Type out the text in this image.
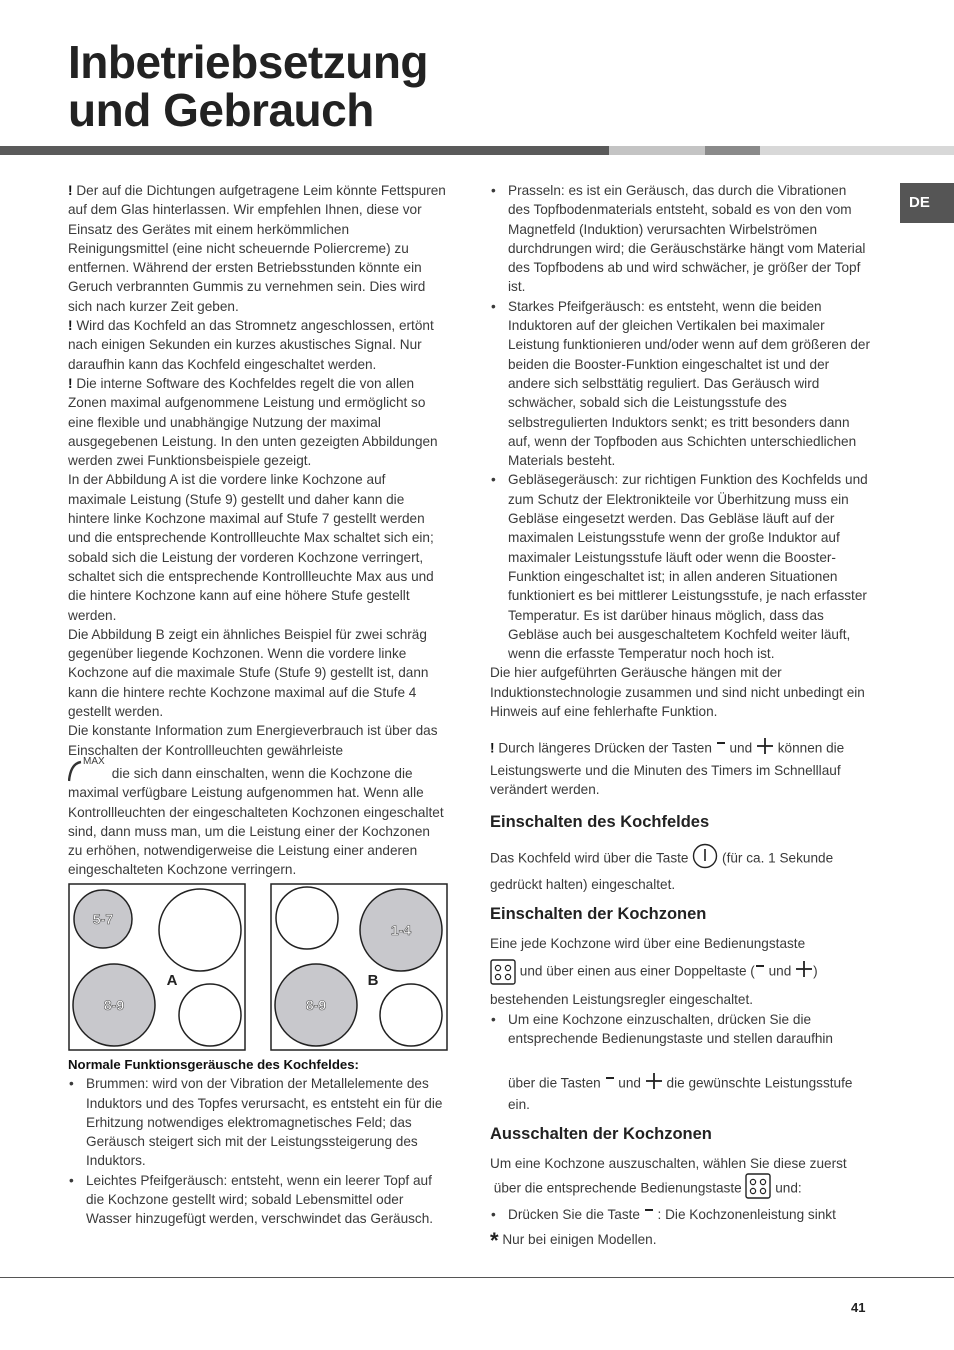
Inbetriebsetzung
und Gebrauch
DE

! Der auf die Dichtungen aufgetragene Leim könnte Fettspuren auf dem Glas hinterlassen. Wir empfehlen Ihnen, diese vor Einsatz des Gerätes mit einem herkömmlichen Reinigungsmittel (eine nicht scheuernde Poliercreme) zu entfernen. Während der ersten Betriebsstunden könnte ein Geruch verbrannten Gummis zu vernehmen sein. Dies wird sich nach kurzer Zeit geben.

! Wird das Kochfeld an das Stromnetz angeschlossen, ertönt nach einigen Sekunden ein kurzes akustisches Signal. Nur daraufhin kann das Kochfeld eingeschaltet werden.

! Die interne Software des Kochfeldes regelt die von allen Zonen maximal aufgenommene Leistung und ermöglicht so eine flexible und unabhängige Nutzung der maximal ausgegebenen Leistung. In den unten gezeigten Abbildungen werden zwei Funktionsbeispiele gezeigt.

In der Abbildung A ist die vordere linke Kochzone auf maximale Leistung (Stufe 9) gestellt und daher kann die hintere linke Kochzone maximal auf Stufe 7 gestellt werden und die entsprechende Kontrollleuchte Max schaltet sich ein; sobald sich die Leistung der vorderen Kochzone verringert, schaltet sich die entsprechende Kontrollleuchte Max aus und die hintere Kochzone kann auf eine höhere Stufe gestellt werden.

Die Abbildung B zeigt ein ähnliches Beispiel für zwei schräg gegenüber liegende Kochzonen. Wenn die vordere linke Kochzone auf die maximale Stufe (Stufe 9) gestellt ist, dann kann die hintere rechte Kochzone maximal auf die Stufe 4 gestellt werden.

Die konstante Information zum Energieverbrauch ist über das Einschalten der Kontrollleuchten gewährleiste

MAX
die sich dann einschalten, wenn die Kochzone die maximal verfügbare Leistung aufgenommen hat. Wenn alle Kontrollleuchten der eingeschalteten Kochzonen eingeschaltet sind, dann muss man, um die Leistung einer der Kochzonen zu erhöhen, notwendigerweise die Leistung einer anderen eingeschalteten Kochzone verringern.

5-7
8-9
A
1-4
8-9
B

Normale Funktionsgeräusche des Kochfeldes:

• Brummen: wird von der Vibration der Metallelemente des Induktors und des Topfes verursacht, es entsteht ein für die Erhitzung notwendiges elektromagnetisches Feld; das Geräusch steigert sich mit der Leistungssteigerung des Induktors.
• Leichtes Pfeifgeräusch: entsteht, wenn ein leerer Topf auf die Kochzone gestellt wird; sobald Lebensmittel oder Wasser hinzugefügt werden, verschwindet das Geräusch.
• Prasseln: es ist ein Geräusch, das durch die Vibrationen des Topfbodenmaterials entsteht, sobald es von den vom Magnetfeld (Induktion) verursachten Wirbelströmen durchdrungen wird; die Geräuschstärke hängt vom Material des Topfbodens ab und wird schwächer, je größer der Topf ist.
• Starkes Pfeifgeräusch: es entsteht, wenn die beiden Induktoren auf der gleichen Vertikalen bei maximaler Leistung funktionieren und/oder wenn auf dem größeren der beiden die Booster-Funktion eingeschaltet ist und der andere sich selbsttätig reguliert. Das Geräusch wird schwächer, sobald sich die Leistungsstufe des selbstregulierten Induktors senkt; es tritt besonders dann auf, wenn der Topfboden aus Schichten unterschiedlichen Materials besteht.
• Gebläsegeräusch: zur richtigen Funktion des Kochfelds und zum Schutz der Elektronikteile vor Überhitzung muss ein Gebläse eingesetzt werden. Das Gebläse läuft auf der maximalen Leistungsstufe wenn der große Induktor auf maximaler Leistungsstufe läuft oder wenn die Booster-Funktion eingeschaltet ist; in allen anderen Situationen funktioniert es bei mittlerer Leistungsstufe, je nach erfasster Temperatur. Es ist darüber hinaus möglich, dass das Gebläse auch bei ausgeschaltetem Kochfeld weiter läuft, wenn die erfasste Temperatur noch hoch ist.

Die hier aufgeführten Geräusche hängen mit der Induktionstechnologie zusammen und sind nicht unbedingt ein Hinweis auf eine fehlerhafte Funktion.

! Durch längeres Drücken der Tasten und können die Leistungswerte und die Minuten des Timers im Schnelllauf verändert werden.

Einschalten des Kochfeldes

Das Kochfeld wird über die Taste (für ca. 1 Sekunde gedrückt halten) eingeschaltet.

Einschalten der Kochzonen

Eine jede Kochzone wird über eine Bedienungstaste
und über einen aus einer Doppeltaste ( und )
bestehenden Leistungsregler eingeschaltet.

• Um eine Kochzone einzuschalten, drücken Sie die entsprechende Bedienungstaste und stellen daraufhin

über die Tasten und die gewünschte Leistungsstufe ein.
Ausschalten der Kochzonen

Um eine Kochzone auszuschalten, wählen Sie diese zuerst
über die entsprechende Bedienungstaste und:

• Drücken Sie die Taste : Die Kochzonenleistung sinkt
* Nur bei einigen Modellen.
41
